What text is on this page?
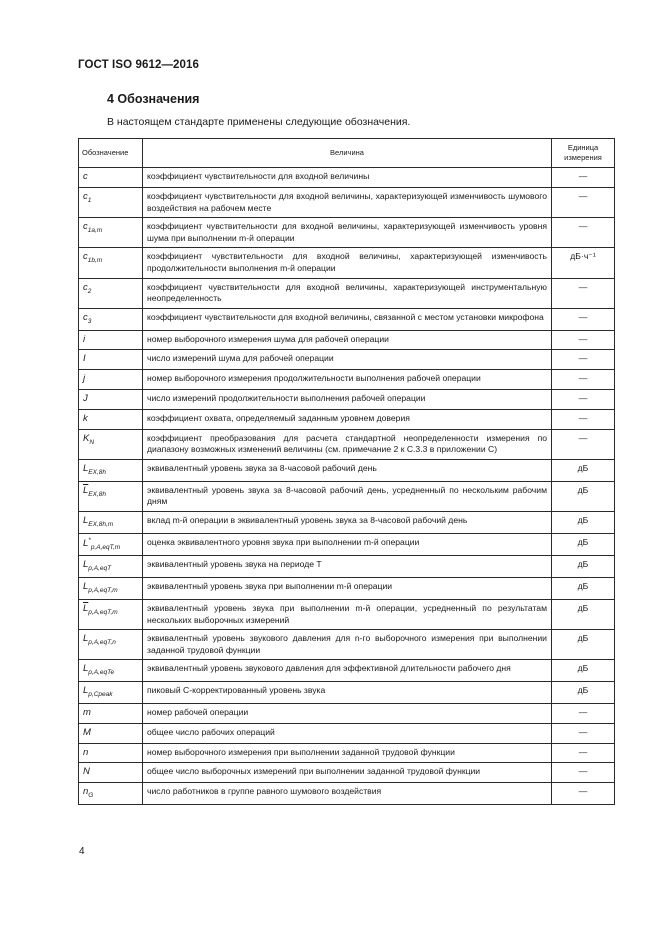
ГОСТ ISO 9612—2016
4 Обозначения
В настоящем стандарте применены следующие обозначения.
Обозначение	Величина	Единица измерения
c	коэффициент чувствительности для входной величины	—
$c_1$	коэффициент чувствительности для входной величины, характеризующей изменчивость шумового воздействия на рабочем месте	—
$c_{1a,m}$	коэффициент чувствительности для входной величины, характеризующей изменчивость уровня шума при выполнении m-й операции	—
$c_{1b,m}$	коэффициент чувствительности для входной величины, характеризующей изменчивость продолжительности выполнения m-й операции	дБ·ч⁻¹
$c_2$	коэффициент чувствительности для входной величины, характеризующей инструментальную неопределенность	—
$c_3$	коэффициент чувствительности для входной величины, связанной с местом установки микрофона	—
i	номер выборочного измерения шума для рабочей операции	—
I	число измерений шума для рабочей операции	—
j	номер выборочного измерения продолжительности выполнения рабочей операции	—
J	число измерений продолжительности выполнения рабочей операции	—
k	коэффициент охвата, определяемый заданным уровнем доверия	—
$K_N$	коэффициент преобразования для расчета стандартной неопределенности измерения по диапазону возможных изменений величины (см. примечание 2 к С.3.3 в приложении С)	—
$L_{EX,8h}$	эквивалентный уровень звука за 8-часовой рабочий день	дБ
$\overline{L}_{EX,8h}$	эквивалентный уровень звука за 8-часовой рабочий день, усредненный по нескольким рабочим дням	дБ
$L_{EX,8h,m}$	вклад m-й операции в эквивалентный уровень звука за 8-часовой рабочий день	дБ
$L^*_{p,A,eqT,m}$	оценка эквивалентного уровня звука при выполнении m-й операции	дБ
$L_{p,A,eqT}$	эквивалентный уровень звука на периоде T	дБ
$L_{p,A,eqT,m}$	эквивалентный уровень звука при выполнении m-й операции	дБ
$\overline{L}_{p,A,eqT,m}$	эквивалентный уровень звука при выполнении m-й операции, усредненный по результатам нескольких выборочных измерений	дБ
$L_{p,A,eqT,n}$	эквивалентный уровень звукового давления для n-го выборочного измерения при выполнении заданной трудовой функции	дБ
$L_{p,A,eqTe}$	эквивалентный уровень звукового давления для эффективной длительности рабочего дня	дБ
$L_{p,Cpeak}$	пиковый С-корректированный уровень звука	дБ
m	номер рабочей операции	—
M	общее число рабочих операций	—
n	номер выборочного измерения при выполнении заданной трудовой функции	—
N	общее число выборочных измерений при выполнении заданной трудовой функции	—
$n_G$	число работников в группе равного шумового воздействия	—
4
